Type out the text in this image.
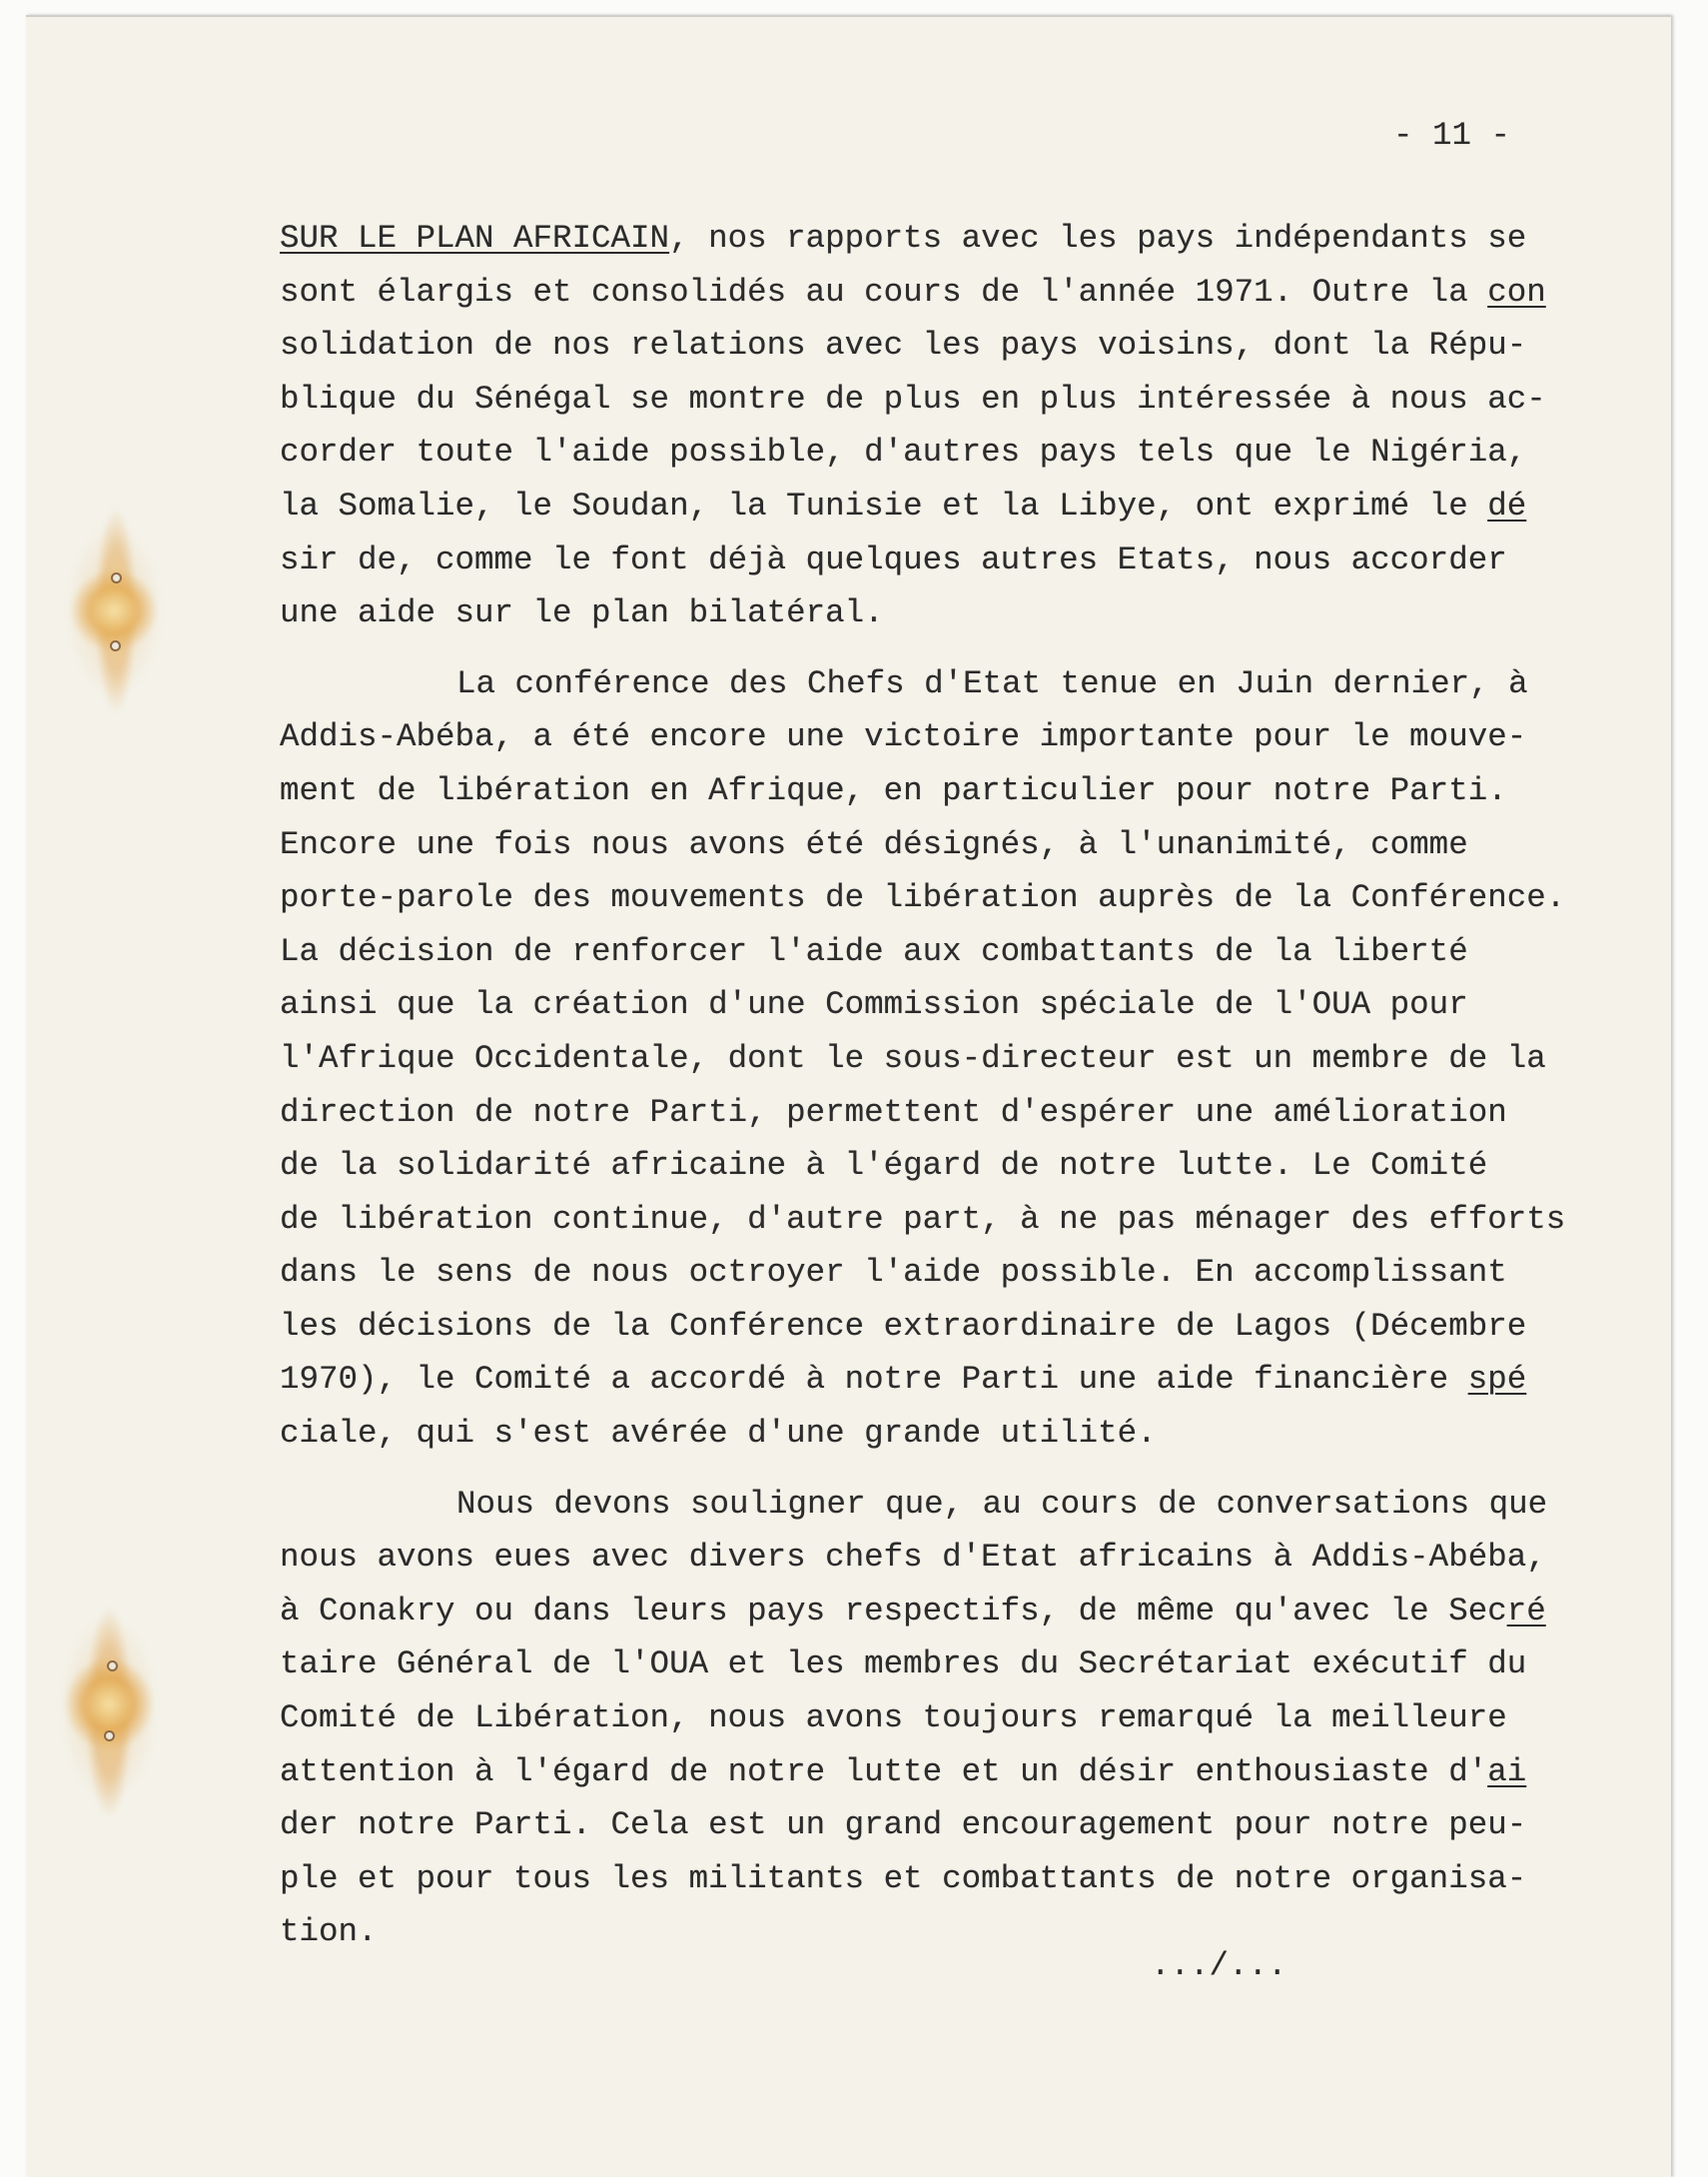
- 11 -
SUR LE PLAN AFRICAIN, nos rapports avec les pays indépendants se
sont élargis et consolidés au cours de l'année 1971. Outre la con
solidation de nos relations avec les pays voisins, dont la Répu-
blique du Sénégal se montre de plus en plus intéressée à nous ac-
corder toute l'aide possible, d'autres pays tels que le Nigéria,
la Somalie, le Soudan, la Tunisie et la Libye, ont exprimé le dé
sir de, comme le font déjà quelques autres Etats, nous accorder
une aide sur le plan bilatéral.
La conférence des Chefs d'Etat tenue en Juin dernier, à
Addis-Abéba, a été encore une victoire importante pour le mouve-
ment de libération en Afrique, en particulier pour notre Parti.
Encore une fois nous avons été désignés, à l'unanimité, comme
porte-parole des mouvements de libération auprès de la Conférence.
La décision de renforcer l'aide aux combattants de la liberté
ainsi que la création d'une Commission spéciale de l'OUA pour
l'Afrique Occidentale, dont le sous-directeur est un membre de la
direction de notre Parti, permettent d'espérer une amélioration
de la solidarité africaine à l'égard de notre lutte. Le Comité
de libération continue, d'autre part, à ne pas ménager des efforts
dans le sens de nous octroyer l'aide possible. En accomplissant
les décisions de la Conférence extraordinaire de Lagos (Décembre
1970), le Comité a accordé à notre Parti une aide financière spé
ciale, qui s'est avérée d'une grande utilité.
Nous devons souligner que, au cours de conversations que
nous avons eues avec divers chefs d'Etat africains à Addis-Abéba,
à Conakry ou dans leurs pays respectifs, de même qu'avec le Secré
taire Général de l'OUA et les membres du Secrétariat exécutif du
Comité de Libération, nous avons toujours remarqué la meilleure
attention à l'égard de notre lutte et un désir enthousiaste d'ai
der notre Parti. Cela est un grand encouragement pour notre peu-
ple et pour tous les militants et combattants de notre organisa-
tion.
.../...
